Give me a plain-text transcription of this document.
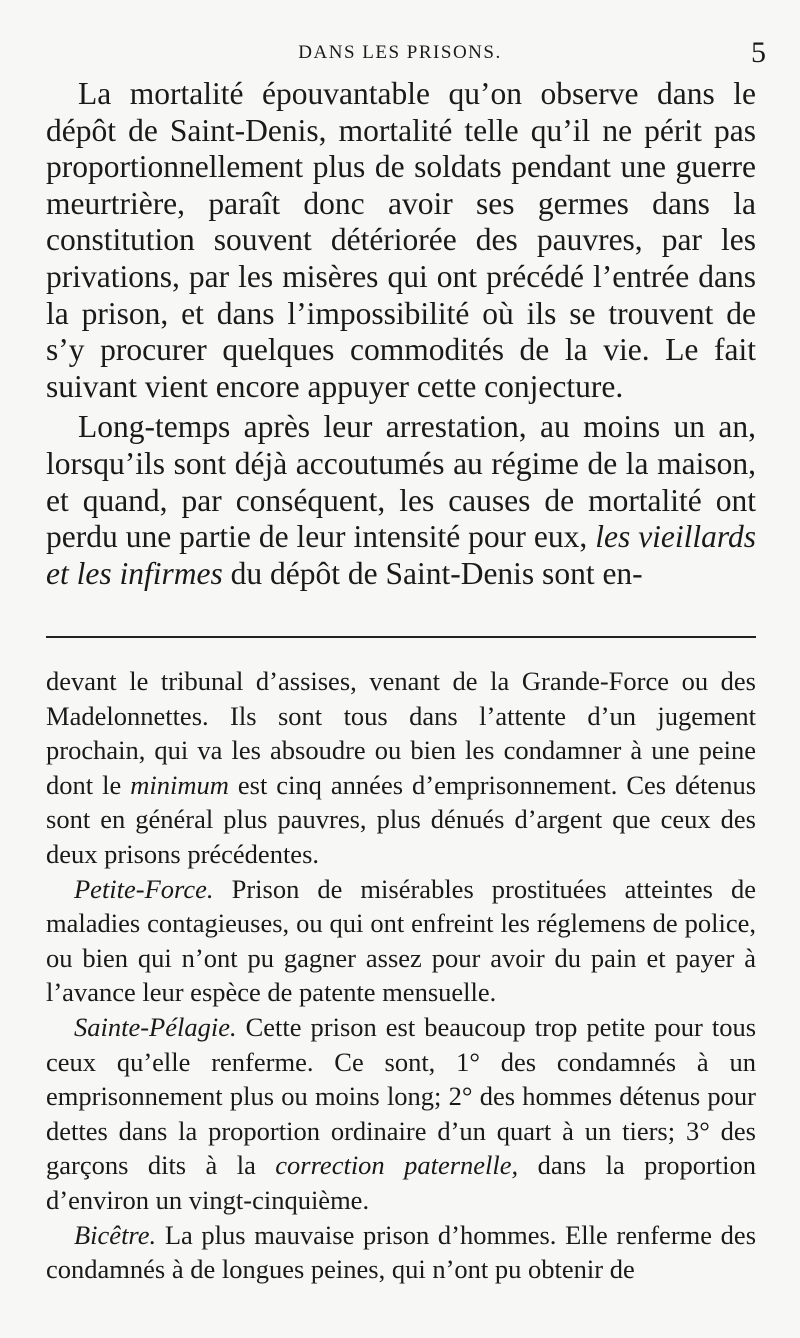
DANS LES PRISONS.	5

La mortalité épouvantable qu’on observe dans le dépôt de Saint-Denis, mortalité telle qu’il ne périt pas proportionnellement plus de soldats pendant une guerre meurtrière, paraît donc avoir ses germes dans la constitution souvent détériorée des pauvres, par les privations, par les misères qui ont précédé l’entrée dans la prison, et dans l’impossibilité où ils se trouvent de s’y procurer quelques commodités de la vie. Le fait suivant vient encore appuyer cette conjecture.

Long-temps après leur arrestation, au moins un an, lorsqu’ils sont déjà accoutumés au régime de la maison, et quand, par conséquent, les causes de mortalité ont perdu une partie de leur intensité pour eux, les vieillards et les infirmes du dépôt de Saint-Denis sont en-

devant le tribunal d’assises, venant de la Grande-Force ou des Madelonnettes. Ils sont tous dans l’attente d’un jugement prochain, qui va les absoudre ou bien les condamner à une peine dont le minimum est cinq années d’emprisonnement. Ces détenus sont en général plus pauvres, plus dénués d’argent que ceux des deux prisons précédentes.

Petite-Force. Prison de misérables prostituées atteintes de maladies contagieuses, ou qui ont enfreint les réglemens de police, ou bien qui n’ont pu gagner assez pour avoir du pain et payer à l’avance leur espèce de patente mensuelle.

Sainte-Pélagie. Cette prison est beaucoup trop petite pour tous ceux qu’elle renferme. Ce sont, 1° des condamnés à un emprisonnement plus ou moins long; 2° des hommes détenus pour dettes dans la proportion ordinaire d’un quart à un tiers; 3° des garçons dits à la correction paternelle, dans la proportion d’environ un vingt-cinquième.

Bicêtre. La plus mauvaise prison d’hommes. Elle renferme des condamnés à de longues peines, qui n’ont pu obtenir de
